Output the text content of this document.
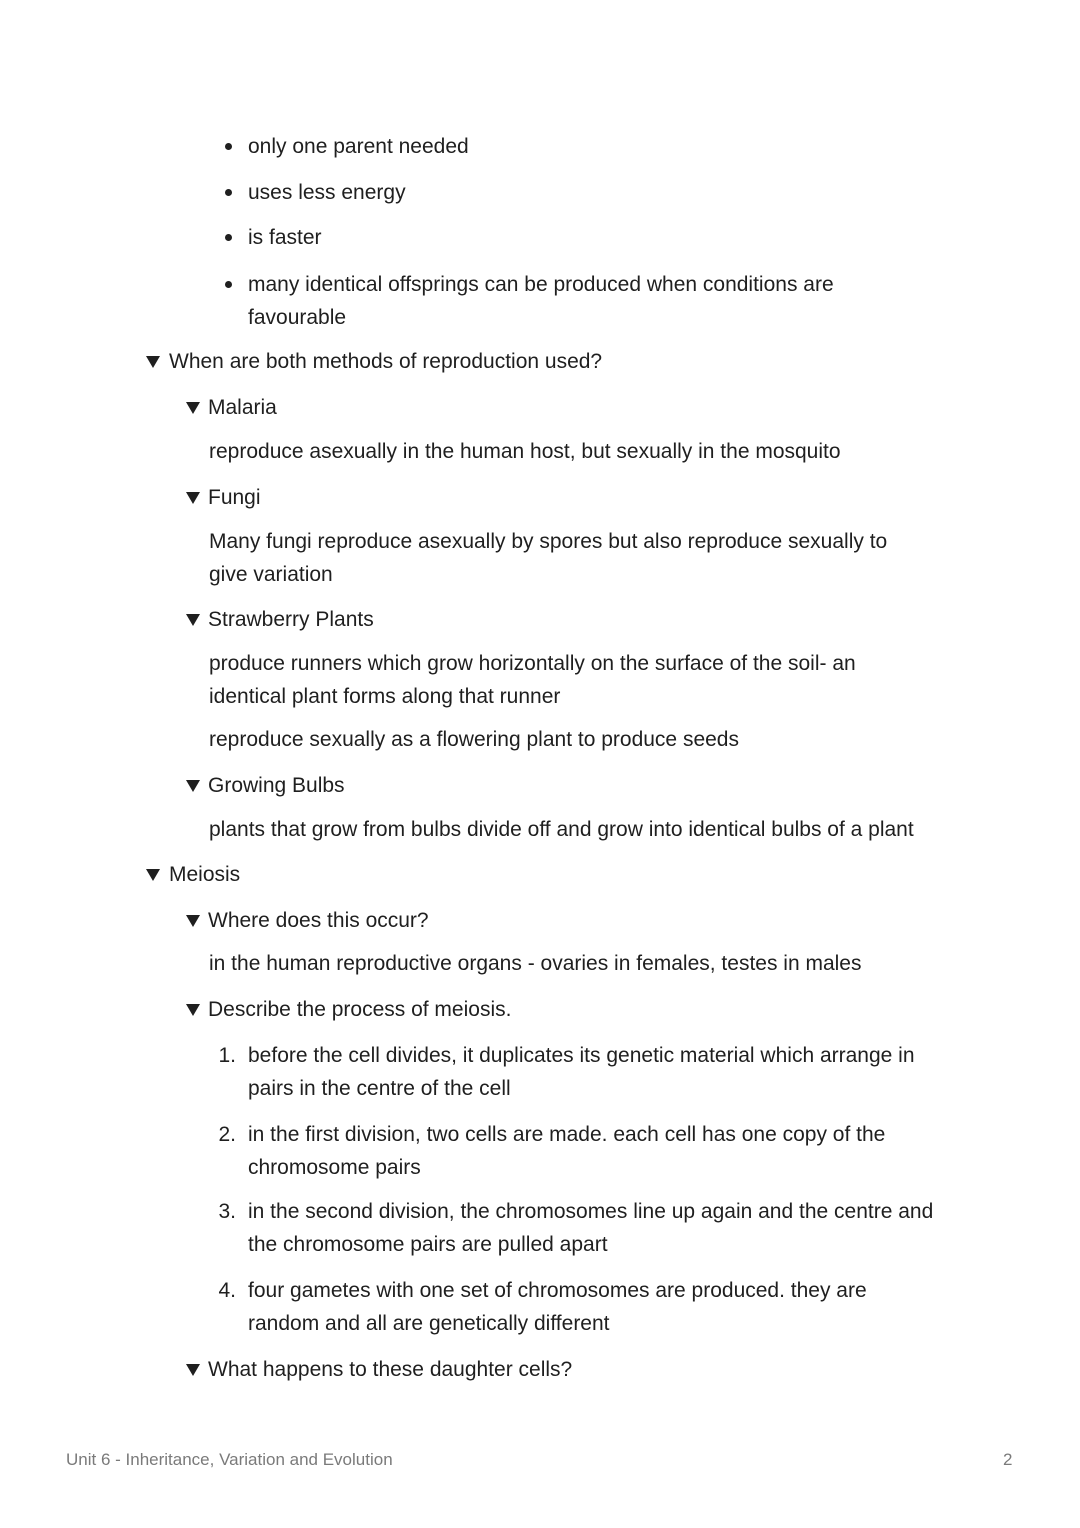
only one parent needed
uses less energy
is faster
many identical offsprings can be produced when conditions are favourable
When are both methods of reproduction used?
Malaria
reproduce asexually in the human host, but sexually in the mosquito
Fungi
Many fungi reproduce asexually by spores but also reproduce sexually to give variation
Strawberry Plants
produce runners which grow horizontally on the surface of the soil- an identical plant forms along that runner
reproduce sexually as a flowering plant to produce seeds
Growing Bulbs
plants that grow from bulbs divide off and grow into identical bulbs of a plant
Meiosis
Where does this occur?
in the human reproductive organs - ovaries in females, testes in males
Describe the process of meiosis.
1. before the cell divides, it duplicates its genetic material which arrange in pairs in the centre of the cell
2. in the first division, two cells are made. each cell has one copy of the chromosome pairs
3. in the second division, the chromosomes line up again and the centre and the chromosome pairs are pulled apart
4. four gametes with one set of chromosomes are produced. they are random and all are genetically different
What happens to these daughter cells?
Unit 6 - Inheritance, Variation and Evolution	2
